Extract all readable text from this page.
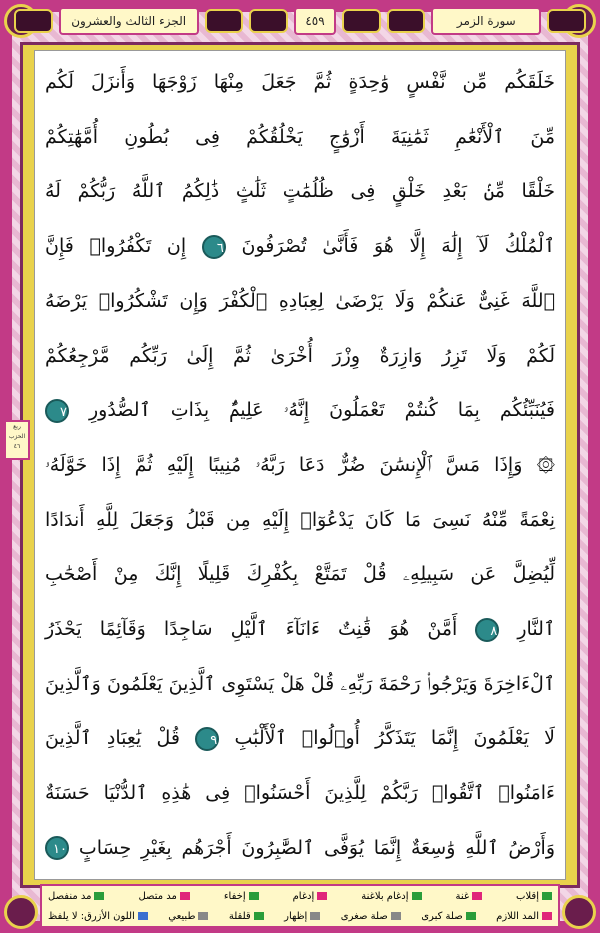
سورة الزمر
٤٥٩
الجزء الثالث والعشرون
خَلَقَكُم مِّن نَّفْسٍ وَٰحِدَةٍ ثُمَّ جَعَلَ مِنْهَا زَوْجَهَا وَأَنزَلَ لَكُم
مِّنَ ٱلْأَنْعَٰمِ ثَمَٰنِيَةَ أَزْوَٰجٍ يَخْلُقُكُمْ فِى بُطُونِ أُمَّهَٰتِكُمْ
خَلْقًا مِّنۢ بَعْدِ خَلْقٍ فِى ظُلُمَٰتٍ ثَلَٰثٍ ذَٰلِكُمُ ٱللَّهُ رَبُّكُمْ لَهُ
ٱلْمُلْكُ لَآ إِلَٰهَ إِلَّا هُوَ فَأَنَّىٰ تُصْرَفُونَ ٦ إِن تَكْفُرُوا۟ فَإِنَّ
ٱللَّهَ غَنِىٌّ عَنكُمْ وَلَا يَرْضَىٰ لِعِبَادِهِ ٱلْكُفْرَ وَإِن تَشْكُرُوا۟ يَرْضَهُ
لَكُمْ وَلَا تَزِرُ وَازِرَةٌ وِزْرَ أُخْرَىٰ ثُمَّ إِلَىٰ رَبِّكُم مَّرْجِعُكُمْ
فَيُنَبِّئُكُم بِمَا كُنتُمْ تَعْمَلُونَ إِنَّهُۥ عَلِيمٌۢ بِذَاتِ ٱلصُّدُورِ ٧
۞ وَإِذَا مَسَّ ٱلْإِنسَٰنَ ضُرٌّ دَعَا رَبَّهُۥ مُنِيبًا إِلَيْهِ ثُمَّ إِذَا خَوَّلَهُۥ
نِعْمَةً مِّنْهُ نَسِىَ مَا كَانَ يَدْعُوٓا۟ إِلَيْهِ مِن قَبْلُ وَجَعَلَ لِلَّهِ أَندَادًا
لِّيُضِلَّ عَن سَبِيلِهِۦ قُلْ تَمَتَّعْ بِكُفْرِكَ قَلِيلًا إِنَّكَ مِنْ أَصْحَٰبِ
ٱلنَّارِ ٨ أَمَّنْ هُوَ قَٰنِتٌ ءَانَآءَ ٱلَّيْلِ سَاجِدًا وَقَآئِمًا يَحْذَرُ
ٱلْءَاخِرَةَ وَيَرْجُوا۟ رَحْمَةَ رَبِّهِۦ قُلْ هَلْ يَسْتَوِى ٱلَّذِينَ يَعْلَمُونَ وَٱلَّذِينَ
لَا يَعْلَمُونَ إِنَّمَا يَتَذَكَّرُ أُو۟لُوا۟ ٱلْأَلْبَٰبِ ٩ قُلْ يَٰعِبَادِ ٱلَّذِينَ
ءَامَنُوا۟ ٱتَّقُوا۟ رَبَّكُمْ لِلَّذِينَ أَحْسَنُوا۟ فِى هَٰذِهِ ٱلدُّنْيَا حَسَنَةٌ
وَأَرْضُ ٱللَّهِ وَٰسِعَةٌ إِنَّمَا يُوَفَّى ٱلصَّٰبِرُونَ أَجْرَهُم بِغَيْرِ حِسَابٍ ١٠
ربع الحزب
٤٦
إقلاب
غنة
إدغام بلاغنة
إدغام
إخفاء
مد متصل
مد منفصل
المد اللازم
صلة كبرى
صلة صغرى
إظهار
قلقلة
طبيعي
اللون الأزرق: لا يلفظ
